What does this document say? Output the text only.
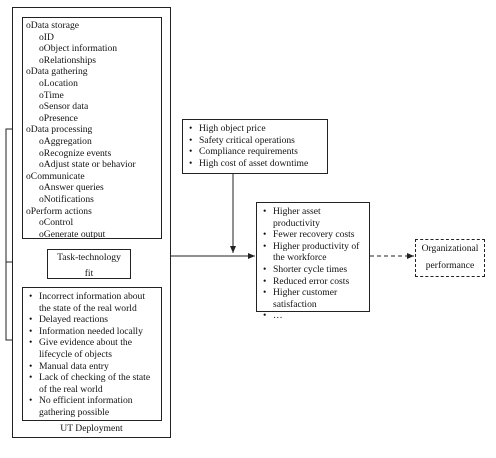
UT Deployment
oData storage
oID
oObject information
oRelationships
oData gathering
oLocation
oTime
oSensor data
oPresence
oData processing
oAggregation
oRecognize events
oAdjust state or behavior
oCommunicate
oAnswer queries
oNotifications
oPerform actions
oControl
oGenerate output
Task-technology
fit
• Incorrect information about the state of the real world
• Delayed reactions
• Information needed locally
• Give evidence about the lifecycle of objects
• Manual data entry
• Lack of checking of the state of the real world
• No efficient information gathering possible
• High object price
• Safety critical operations
• Compliance requirements
• High cost of asset downtime
• Higher asset productivity
• Fewer recovery costs
• Higher productivity of the workforce
• Shorter cycle times
• Reduced error costs
• Higher customer satisfaction
• …
Organizational
performance
